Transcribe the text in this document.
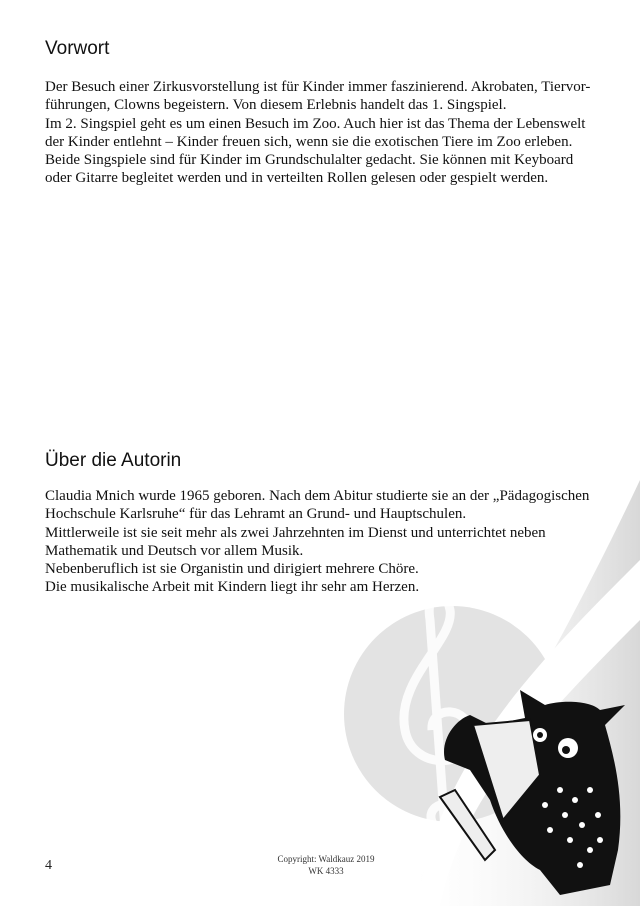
Vorwort
Der Besuch einer Zirkusvorstellung ist für Kinder immer faszinierend. Akrobaten, Tiervor-
führungen, Clowns begeistern. Von diesem Erlebnis handelt das 1. Singspiel.
Im 2. Singspiel geht es um einen Besuch im Zoo. Auch hier ist das Thema der Lebenswelt
der Kinder entlehnt – Kinder freuen sich, wenn sie die exotischen Tiere im Zoo erleben.
Beide Singspiele sind für Kinder im Grundschulalter gedacht. Sie können mit Keyboard
oder Gitarre begleitet werden und in verteilten Rollen gelesen oder gespielt werden.
Über die Autorin
Claudia Mnich wurde 1965 geboren. Nach dem Abitur studierte sie an der „Pädagogischen
Hochschule Karlsruhe“ für das Lehramt an Grund- und Hauptschulen.
Mittlerweile ist sie seit mehr als zwei Jahrzehnten im Dienst und unterrichtet neben
Mathematik und Deutsch vor allem Musik.
Nebenberuflich ist sie Organistin und dirigiert mehrere Chöre.
Die musikalische Arbeit mit Kindern liegt ihr sehr am Herzen.
4	Copyright: Waldkauz 2019
WK 4333
